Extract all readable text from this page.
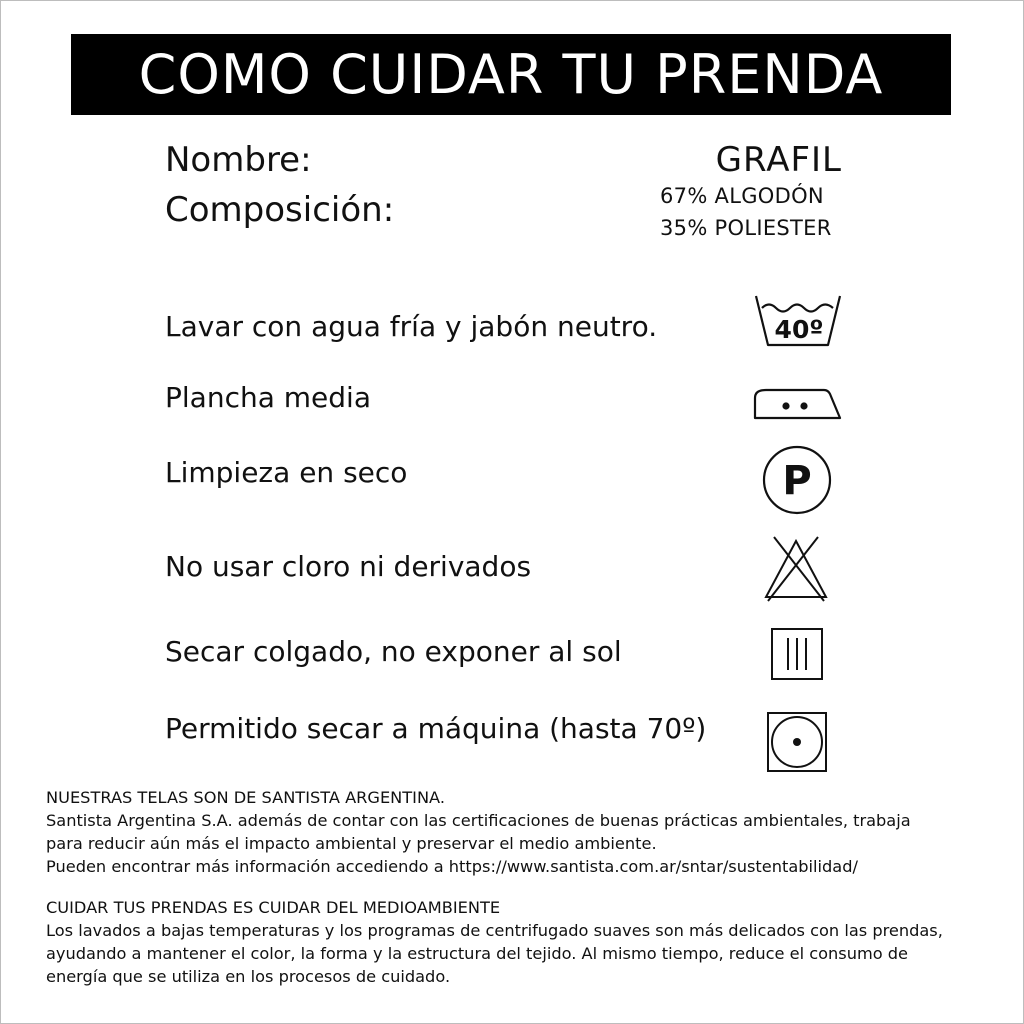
COMO CUIDAR TU PRENDA
Nombre:	GRAFIL
Composición:	67% ALGODÓN
35% POLIESTER
Lavar con agua fría y jabón neutro.
Plancha media
Limpieza en seco
No usar cloro ni derivados
Secar colgado, no exponer al sol
Permitido secar a máquina (hasta 70º)
40º
P
NUESTRAS TELAS SON DE SANTISTA ARGENTINA.
Santista Argentina S.A. además de contar con las certificaciones de buenas prácticas ambientales, trabaja
para reducir aún más el impacto ambiental y preservar el medio ambiente.
Pueden encontrar más información accediendo a https://www.santista.com.ar/sntar/sustentabilidad/
CUIDAR TUS PRENDAS ES CUIDAR DEL MEDIOAMBIENTE
Los lavados a bajas temperaturas y los programas de centrifugado suaves son más delicados con las prendas,
ayudando a mantener el color, la forma y la estructura del tejido. Al mismo tiempo, reduce el consumo de
energía que se utiliza en los procesos de cuidado.
